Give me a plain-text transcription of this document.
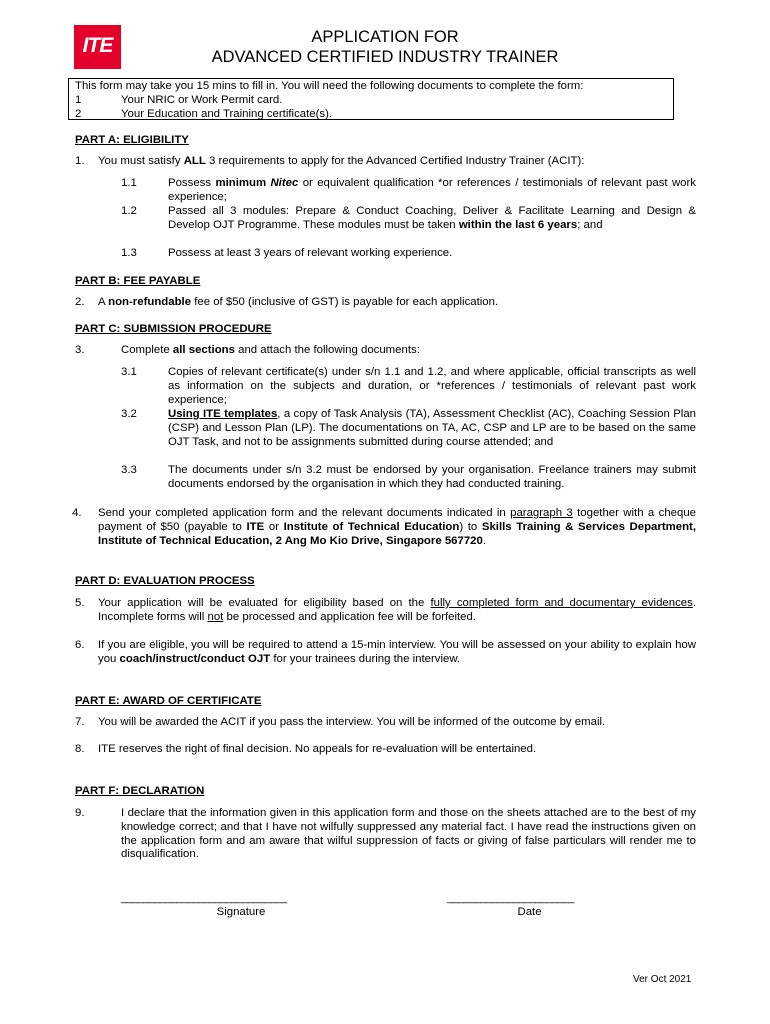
ITE	APPLICATION FOR
ADVANCED CERTIFIED INDUSTRY TRAINER
This form may take you 15 mins to fill in. You will need the following documents to complete the form:
1	Your NRIC or Work Permit card.
2	Your Education and Training certificate(s).
PART A: ELIGIBILITY
1. You must satisfy ALL 3 requirements to apply for the Advanced Certified Industry Trainer (ACIT):
1.1	Possess minimum Nitec or equivalent qualification *or references / testimonials of relevant past work experience;
1.2	Passed all 3 modules: Prepare & Conduct Coaching, Deliver & Facilitate Learning and Design & Develop OJT Programme. These modules must be taken within the last 6 years; and
1.3	Possess at least 3 years of relevant working experience.
PART B: FEE PAYABLE
2. A non-refundable fee of $50 (inclusive of GST) is payable for each application.
PART C: SUBMISSION PROCEDURE
3.	Complete all sections and attach the following documents:
3.1	Copies of relevant certificate(s) under s/n 1.1 and 1.2, and where applicable, official transcripts as well as information on the subjects and duration, or *references / testimonials of relevant past work experience;
3.2	Using ITE templates, a copy of Task Analysis (TA), Assessment Checklist (AC), Coaching Session Plan (CSP) and Lesson Plan (LP). The documentations on TA, AC, CSP and LP are to be based on the same OJT Task, and not to be assignments submitted during course attended; and
3.3	The documents under s/n 3.2 must be endorsed by your organisation. Freelance trainers may submit documents endorsed by the organisation in which they had conducted training.
4. Send your completed application form and the relevant documents indicated in paragraph 3 together with a cheque payment of $50 (payable to ITE or Institute of Technical Education) to Skills Training & Services Department, Institute of Technical Education, 2 Ang Mo Kio Drive, Singapore 567720.
PART D: EVALUATION PROCESS
5. Your application will be evaluated for eligibility based on the fully completed form and documentary evidences. Incomplete forms will not be processed and application fee will be forfeited.
6. If you are eligible, you will be required to attend a 15-min interview. You will be assessed on your ability to explain how you coach/instruct/conduct OJT for your trainees during the interview.
PART E: AWARD OF CERTIFICATE
7. You will be awarded the ACIT if you pass the interview. You will be informed of the outcome by email.
8. ITE reserves the right of final decision. No appeals for re-evaluation will be entertained.
PART F: DECLARATION
9.	I declare that the information given in this application form and those on the sheets attached are to the best of my knowledge correct; and that I have not wilfully suppressed any material fact. I have read the instructions given on the application form and am aware that wilful suppression of facts or giving of false particulars will render me to disqualification.
______________________________
Signature
_______________________
Date
Ver Oct 2021
